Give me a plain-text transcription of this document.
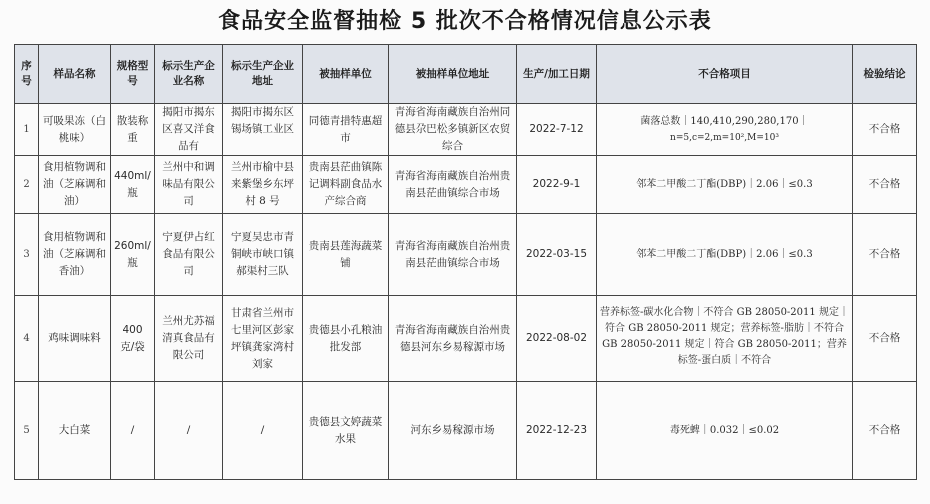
食品安全监督抽检 5 批次不合格情况信息公示表
序号	样品名称	规格型号	标示生产企业名称	标示生产企业地址	被抽样单位	被抽样单位地址	生产/加工日期	不合格项目	检验结论
1	可吸果冻（白桃味）	散装称重	揭阳市揭东区喜又洋食品有	揭阳市揭东区锡场镇工业区	同德青措特惠超市	青海省海南藏族自治州同德县尕巴松多镇新区农贸综合	2022-7-12	菌落总数｜140,410,290,280,170｜
n=5,c=2,m=10²,M=10³	不合格
2	食用植物调和油（芝麻调和油）	440ml/瓶	兰州中和调味品有限公司	兰州市榆中县来紫堡乡东坪村 8 号	贵南县茫曲镇陈记调料副食品水产综合商	青海省海南藏族自治州贵南县茫曲镇综合市场	2022-9-1	邻苯二甲酸二丁酯(DBP)｜2.06｜≤0.3	不合格
3	食用植物调和油（芝麻调和香油）	260ml/瓶	宁夏伊占红食品有限公司	宁夏吴忠市青铜峡市峡口镇郝渠村三队	贵南县莲海蔬菜铺	青海省海南藏族自治州贵南县茫曲镇综合市场	2022-03-15	邻苯二甲酸二丁酯(DBP)｜2.06｜≤0.3	不合格
4	鸡味调味料	400 克/袋	兰州尤苏福清真食品有限公司	甘肃省兰州市七里河区彭家坪镇龚家湾村刘家	贵德县小孔粮油批发部	青海省海南藏族自治州贵德县河东乡易稼源市场	2022-08-02	营养标签-碳水化合物｜不符合 GB 28050-2011 规定｜符合 GB 28050-2011 规定；营养标签-脂肪｜不符合 GB 28050-2011 规定｜符合 GB 28050-2011；营养标签-蛋白质｜不符合	不合格
5	大白菜	/	/	/	贵德县文婷蔬菜水果	河东乡易稼源市场	2022-12-23	毒死蜱｜0.032｜≤0.02	不合格
